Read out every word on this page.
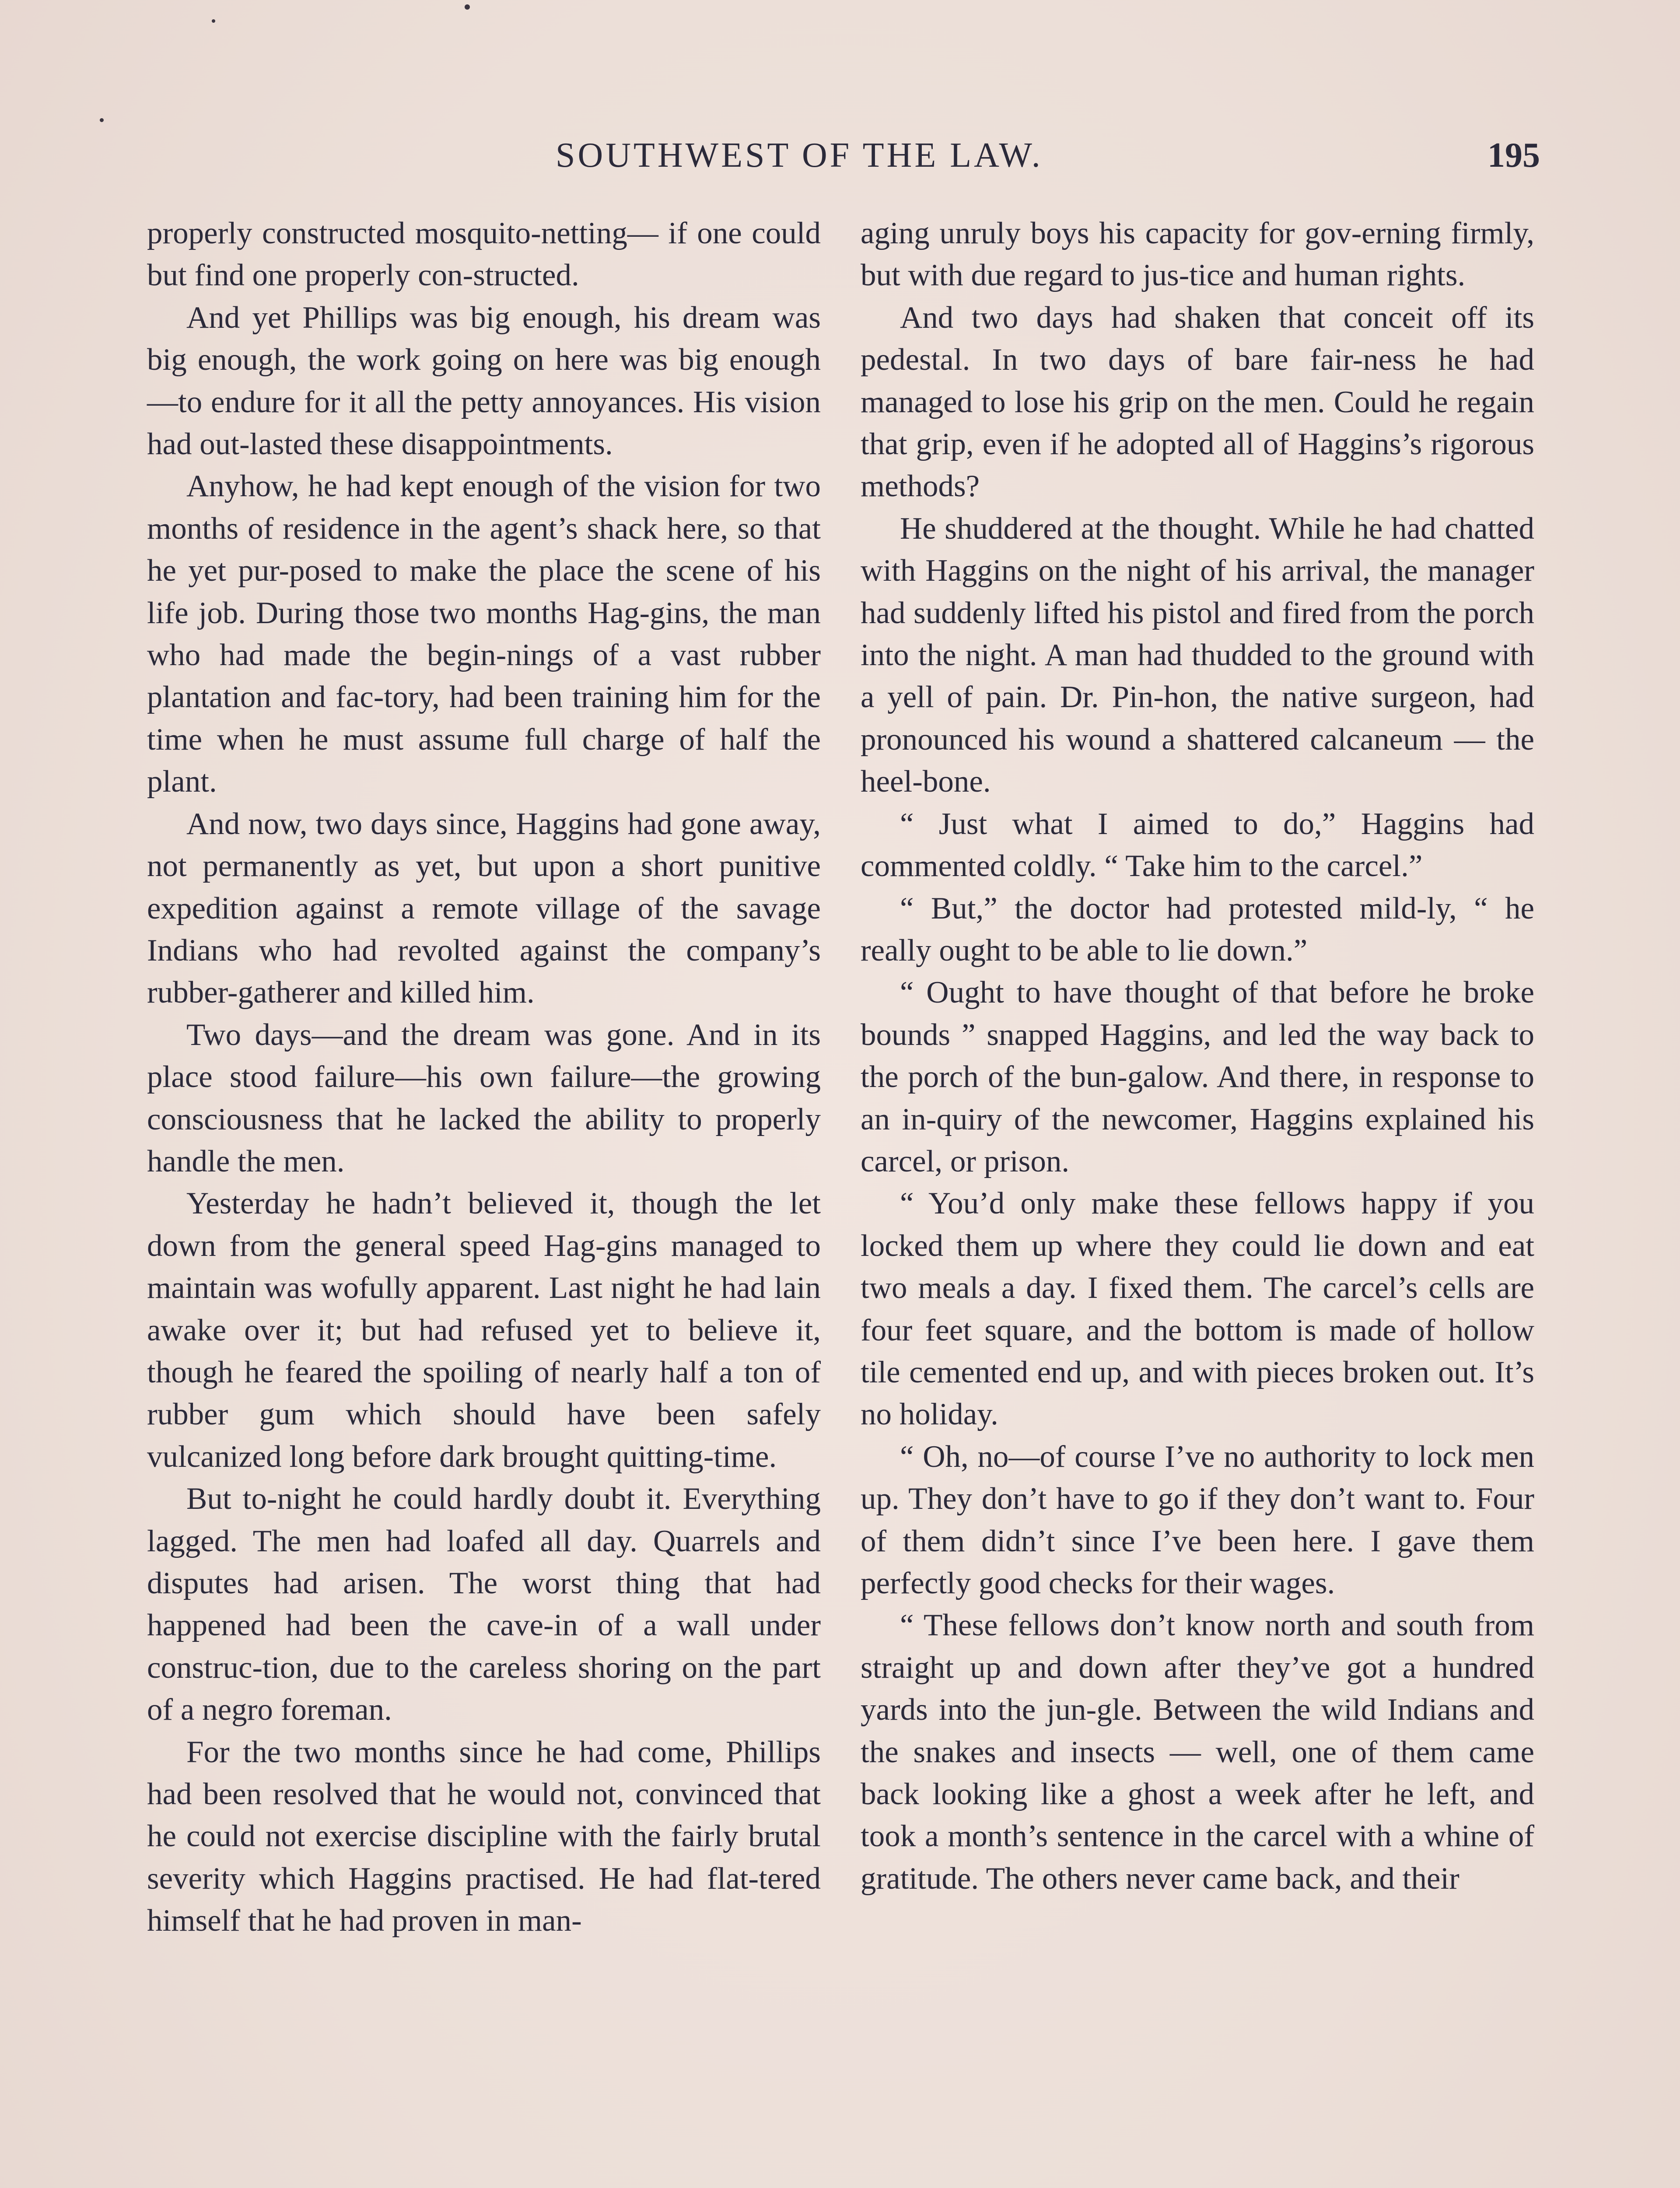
SOUTHWEST OF THE LAW.	195

properly constructed mosquito-netting— if one could but find one properly con-structed.

And yet Phillips was big enough, his dream was big enough, the work going on here was big enough—to endure for it all the petty annoyances. His vision had out-lasted these disappointments.

Anyhow, he had kept enough of the vision for two months of residence in the agent’s shack here, so that he yet pur-posed to make the place the scene of his life job. During those two months Hag-gins, the man who had made the begin-nings of a vast rubber plantation and fac-tory, had been training him for the time when he must assume full charge of half the plant.

And now, two days since, Haggins had gone away, not permanently as yet, but upon a short punitive expedition against a remote village of the savage Indians who had revolted against the company’s rubber-gatherer and killed him.

Two days—and the dream was gone. And in its place stood failure—his own failure—the growing consciousness that he lacked the ability to properly handle the men.

Yesterday he hadn’t believed it, though the let down from the general speed Hag-gins managed to maintain was wofully apparent. Last night he had lain awake over it; but had refused yet to believe it, though he feared the spoiling of nearly half a ton of rubber gum which should have been safely vulcanized long before dark brought quitting-time.

But to-night he could hardly doubt it. Everything lagged. The men had loafed all day. Quarrels and disputes had arisen. The worst thing that had happened had been the cave-in of a wall under construc-tion, due to the careless shoring on the part of a negro foreman.

For the two months since he had come, Phillips had been resolved that he would not, convinced that he could not exercise discipline with the fairly brutal severity which Haggins practised. He had flat-tered himself that he had proven in man-

aging unruly boys his capacity for gov-erning firmly, but with due regard to jus-tice and human rights.

And two days had shaken that conceit off its pedestal. In two days of bare fair-ness he had managed to lose his grip on the men. Could he regain that grip, even if he adopted all of Haggins’s rigorous methods?

He shuddered at the thought. While he had chatted with Haggins on the night of his arrival, the manager had suddenly lifted his pistol and fired from the porch into the night. A man had thudded to the ground with a yell of pain. Dr. Pin-hon, the native surgeon, had pronounced his wound a shattered calcaneum — the heel-bone.

“ Just what I aimed to do,” Haggins had commented coldly. “ Take him to the carcel.”

“ But,” the doctor had protested mild-ly, “ he really ought to be able to lie down.”

“ Ought to have thought of that before he broke bounds ” snapped Haggins, and led the way back to the porch of the bun-galow. And there, in response to an in-quiry of the newcomer, Haggins explained his carcel, or prison.

“ You’d only make these fellows happy if you locked them up where they could lie down and eat two meals a day. I fixed them. The carcel’s cells are four feet square, and the bottom is made of hollow tile cemented end up, and with pieces broken out. It’s no holiday.

“ Oh, no—of course I’ve no authority to lock men up. They don’t have to go if they don’t want to. Four of them didn’t since I’ve been here. I gave them perfectly good checks for their wages.

“ These fellows don’t know north and south from straight up and down after they’ve got a hundred yards into the jun-gle. Between the wild Indians and the snakes and insects — well, one of them came back looking like a ghost a week after he left, and took a month’s sentence in the carcel with a whine of gratitude. The others never came back, and their
